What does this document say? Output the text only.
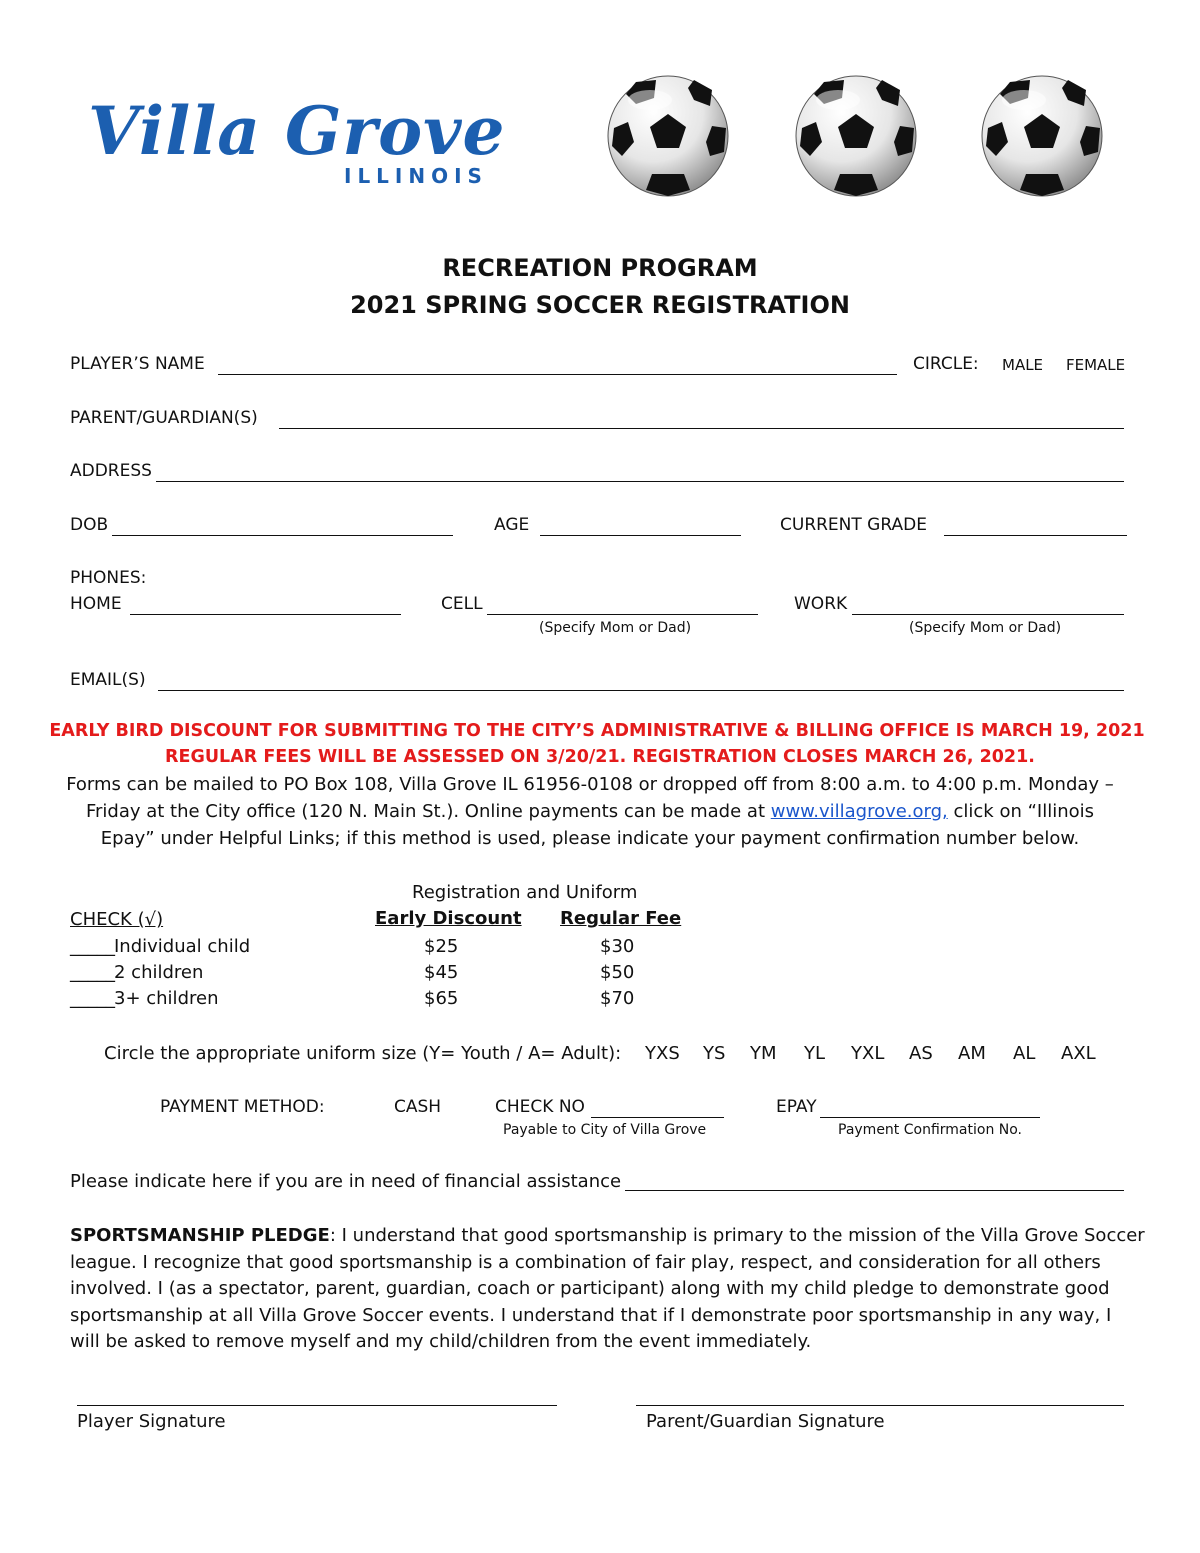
Villa Grove
ILLINOIS
RECREATION PROGRAM
2021 SPRING SOCCER REGISTRATION
PLAYER’S NAME	CIRCLE: MALE FEMALE
PARENT/GUARDIAN(S)
ADDRESS
DOB	AGE	CURRENT GRADE
PHONES:
HOME	CELL	WORK
(Specify Mom or Dad)	(Specify Mom or Dad)
EMAIL(S)
EARLY BIRD DISCOUNT FOR SUBMITTING TO THE CITY’S ADMINISTRATIVE & BILLING OFFICE IS MARCH 19, 2021
REGULAR FEES WILL BE ASSESSED ON 3/20/21. REGISTRATION CLOSES MARCH 26, 2021.
Forms can be mailed to PO Box 108, Villa Grove IL 61956-0108 or dropped off from 8:00 a.m. to 4:00 p.m. Monday –
Friday at the City office (120 N. Main St.). Online payments can be made at www.villagrove.org, click on “Illinois
Epay” under Helpful Links; if this method is used, please indicate your payment confirmation number below.
Registration and Uniform
CHECK (√)	Early Discount Regular Fee
_____ Individual child	$25	$30
_____ 2 children	$45	$50
_____ 3+ children	$65	$70
Circle the appropriate uniform size (Y= Youth / A= Adult): YXS YS YM YL YXL AS AM AL AXL
PAYMENT METHOD:	CASH	CHECK NO	EPAY
Payable to City of Villa Grove	Payment Confirmation No.
Please indicate here if you are in need of financial assistance
SPORTSMANSHIP PLEDGE: I understand that good sportsmanship is primary to the mission of the Villa Grove Soccer
league. I recognize that good sportsmanship is a combination of fair play, respect, and consideration for all others
involved. I (as a spectator, parent, guardian, coach or participant) along with my child pledge to demonstrate good
sportsmanship at all Villa Grove Soccer events. I understand that if I demonstrate poor sportsmanship in any way, I
will be asked to remove myself and my child/children from the event immediately.
Player Signature	Parent/Guardian Signature
